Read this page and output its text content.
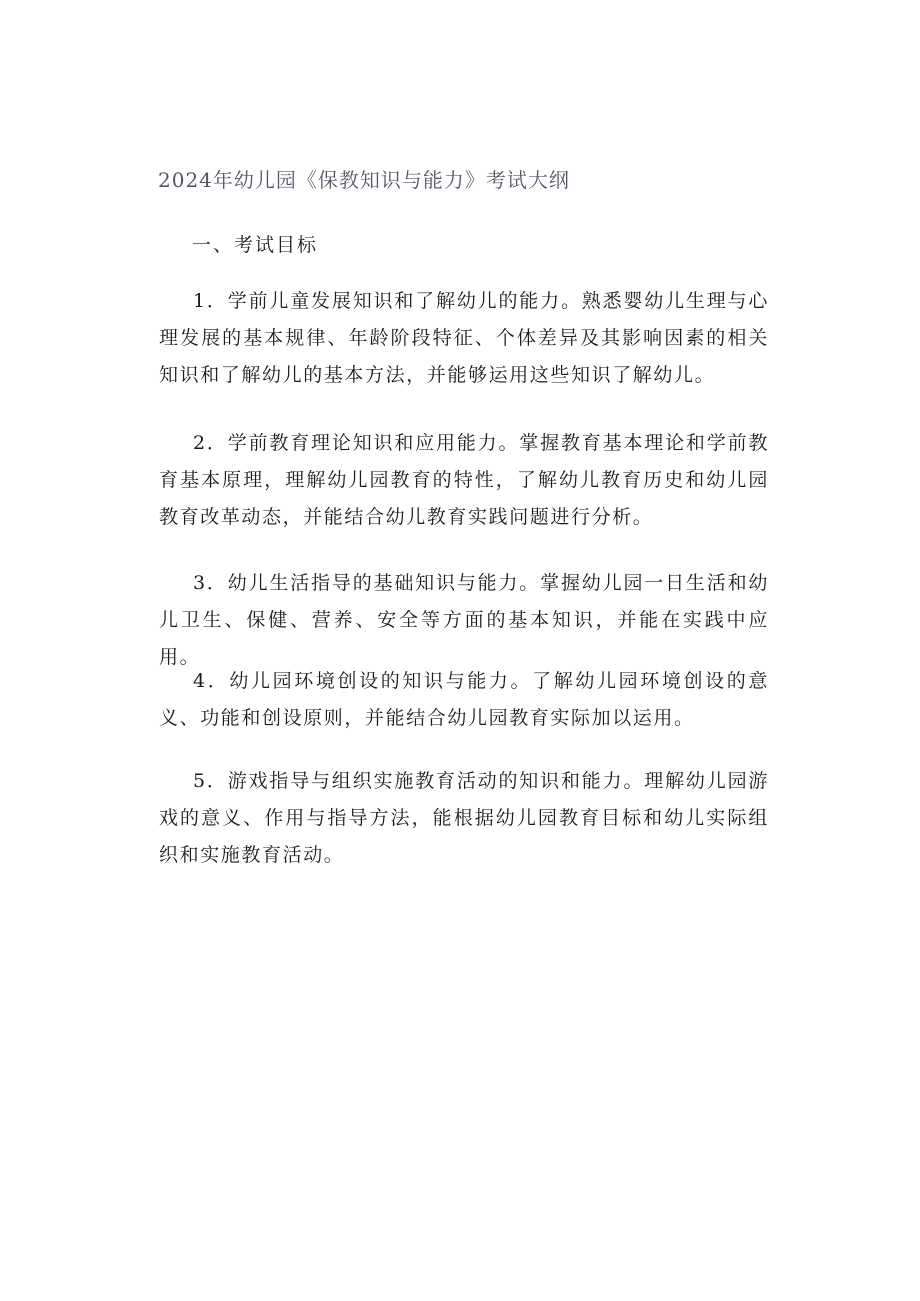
2024年幼儿园《保教知识与能力》考试大纲
一、考试目标

1．学前儿童发展知识和了解幼儿的能力。熟悉婴幼儿生理与心理发展的基本规律、年龄阶段特征、个体差异及其影响因素的相关知识和了解幼儿的基本方法，并能够运用这些知识了解幼儿。

2．学前教育理论知识和应用能力。掌握教育基本理论和学前教育基本原理，理解幼儿园教育的特性，了解幼儿教育历史和幼儿园教育改革动态，并能结合幼儿教育实践问题进行分析。

3．幼儿生活指导的基础知识与能力。掌握幼儿园一日生活和幼儿卫生、保健、营养、安全等方面的基本知识，并能在实践中应用。

4．幼儿园环境创设的知识与能力。了解幼儿园环境创设的意义、功能和创设原则，并能结合幼儿园教育实际加以运用。

5．游戏指导与组织实施教育活动的知识和能力。理解幼儿园游戏的意义、作用与指导方法，能根据幼儿园教育目标和幼儿实际组织和实施教育活动。
